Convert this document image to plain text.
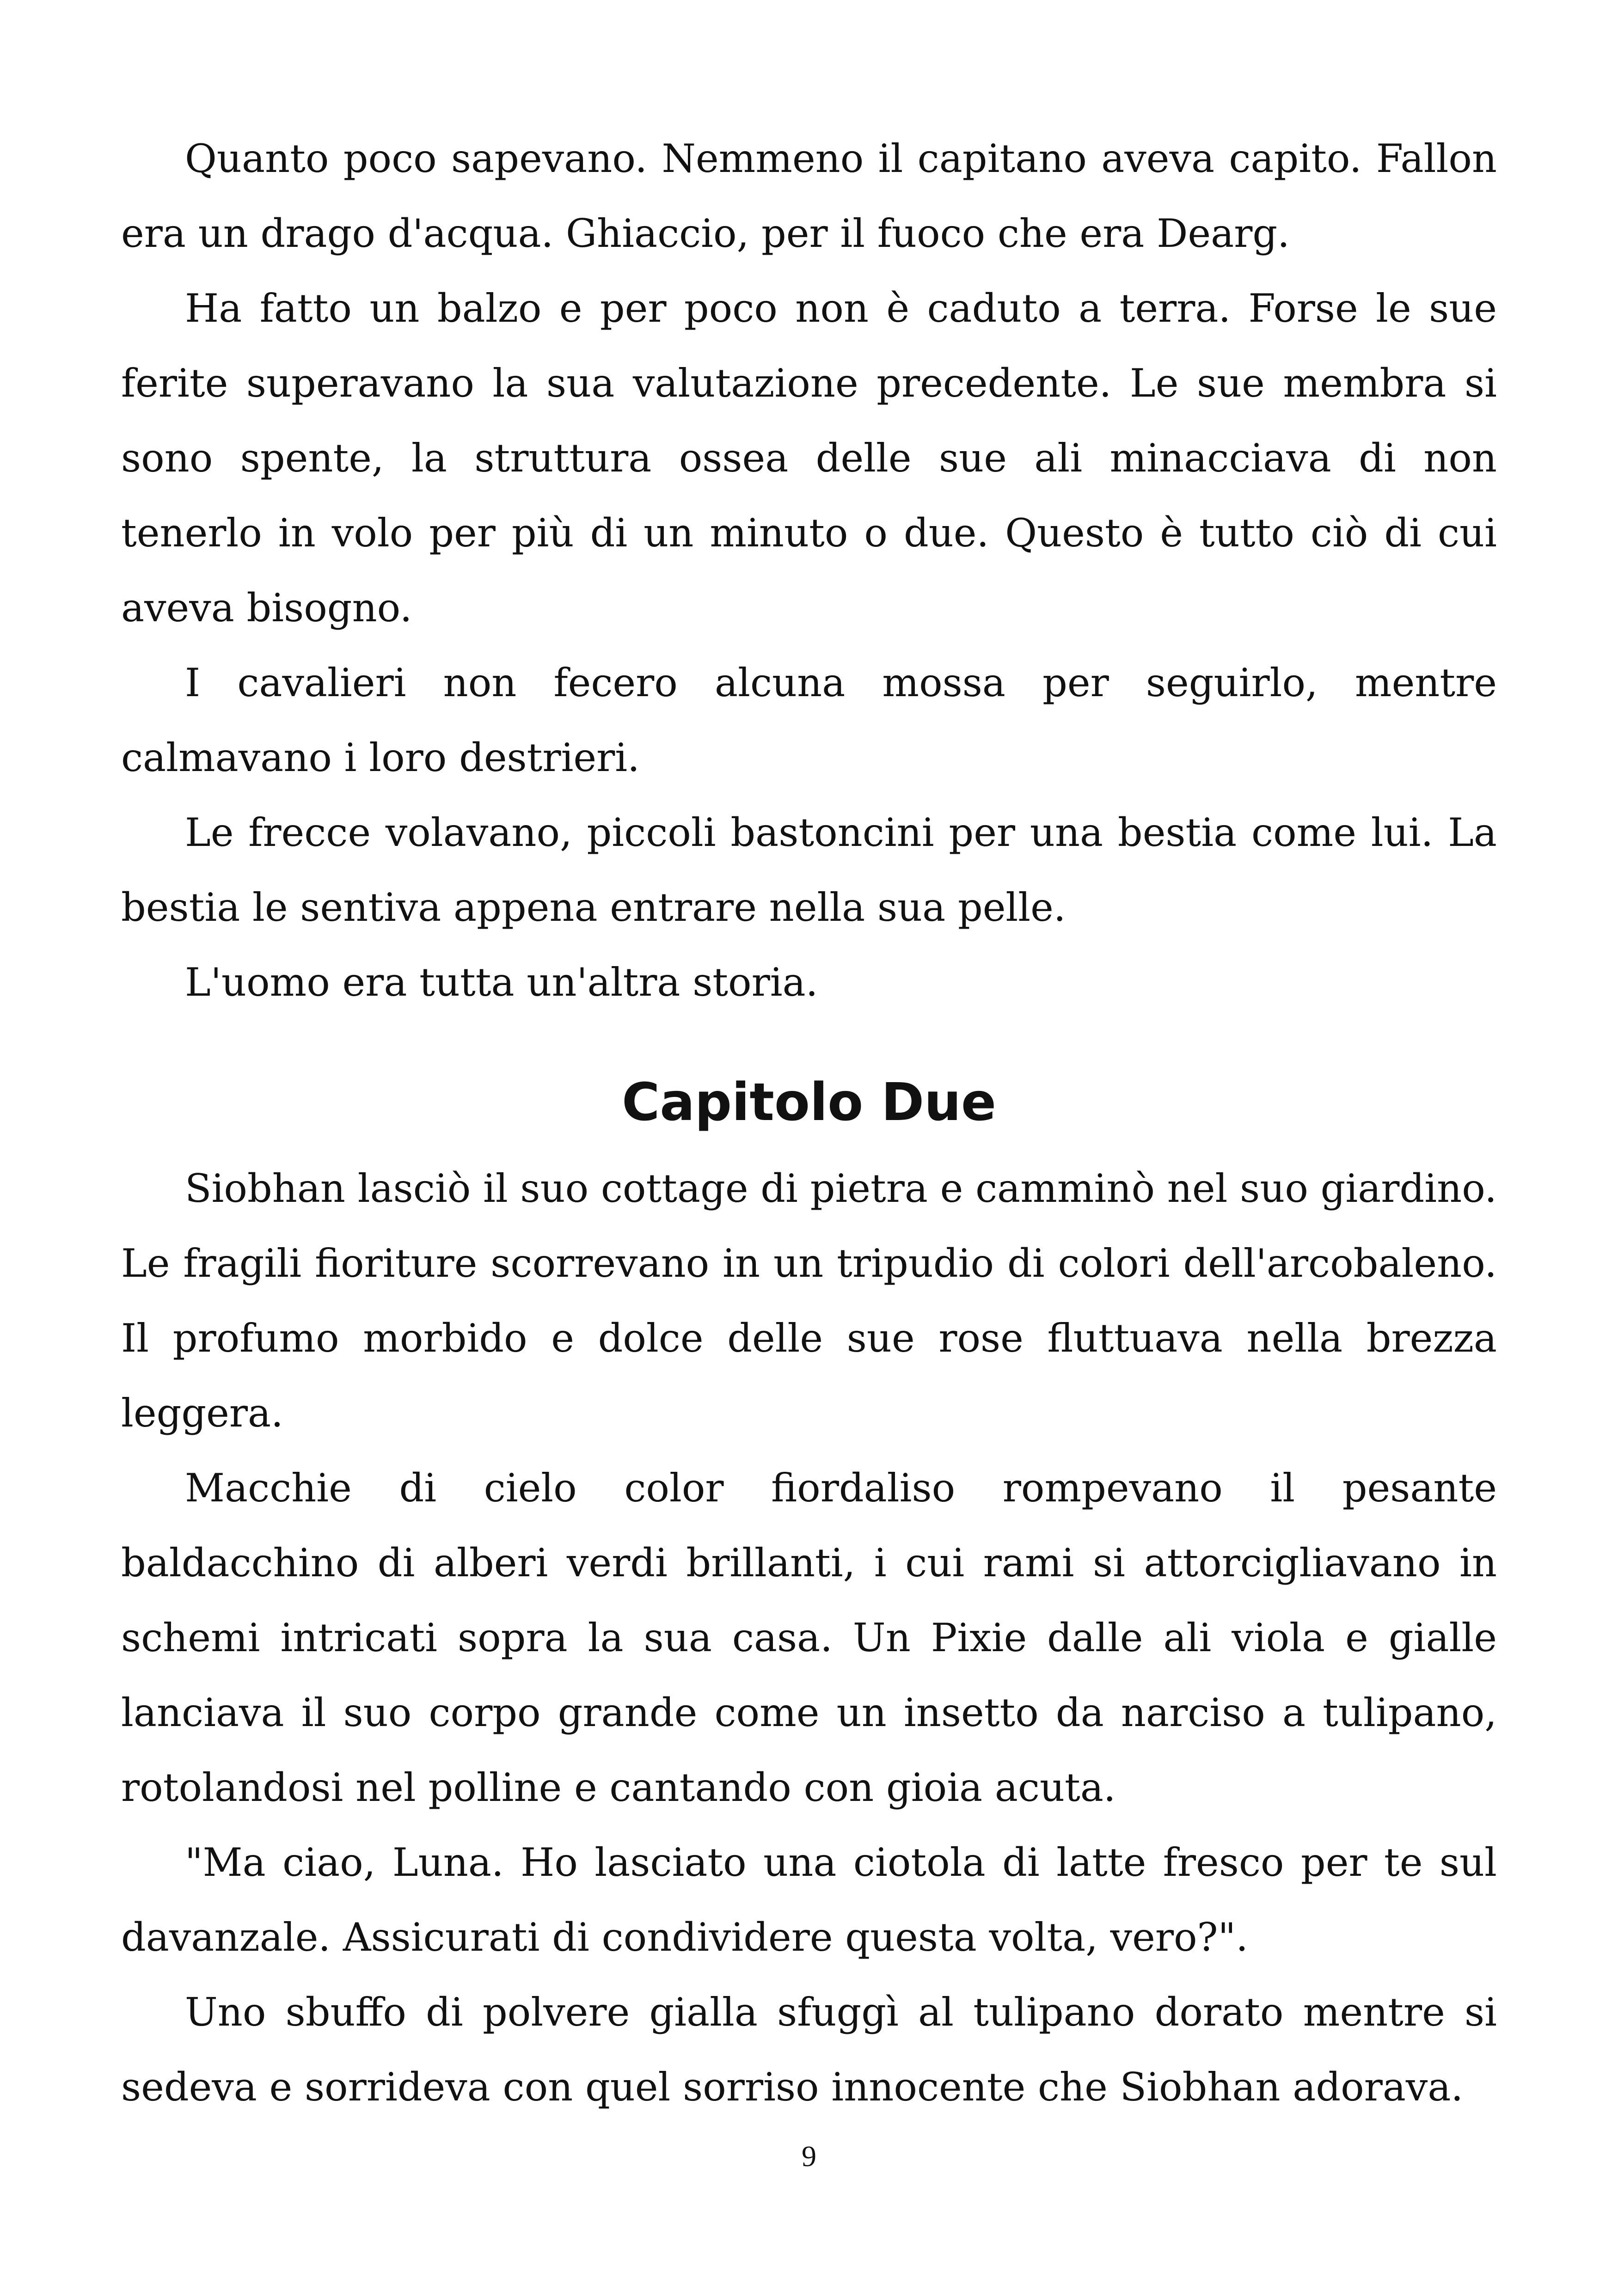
Quanto poco sapevano. Nemmeno il capitano aveva capito. Fallon era un drago d'acqua. Ghiaccio, per il fuoco che era Dearg.

Ha fatto un balzo e per poco non è caduto a terra. Forse le sue ferite superavano la sua valutazione precedente. Le sue membra si sono spente, la struttura ossea delle sue ali minacciava di non tenerlo in volo per più di un minuto o due. Questo è tutto ciò di cui aveva bisogno.

I cavalieri non fecero alcuna mossa per seguirlo, mentre calmavano i loro destrieri.

Le frecce volavano, piccoli bastoncini per una bestia come lui. La bestia le sentiva appena entrare nella sua pelle.

L'uomo era tutta un'altra storia.

Capitolo Due

Siobhan lasciò il suo cottage di pietra e camminò nel suo giardino. Le fragili fioriture scorrevano in un tripudio di colori dell'arcobaleno. Il profumo morbido e dolce delle sue rose fluttuava nella brezza leggera.

Macchie di cielo color fiordaliso rompevano il pesante baldacchino di alberi verdi brillanti, i cui rami si attorcigliavano in schemi intricati sopra la sua casa. Un Pixie dalle ali viola e gialle lanciava il suo corpo grande come un insetto da narciso a tulipano, rotolandosi nel polline e cantando con gioia acuta.

"Ma ciao, Luna. Ho lasciato una ciotola di latte fresco per te sul davanzale. Assicurati di condividere questa volta, vero?".

Uno sbuffo di polvere gialla sfuggì al tulipano dorato mentre si sedeva e sorrideva con quel sorriso innocente che Siobhan adorava.

9
